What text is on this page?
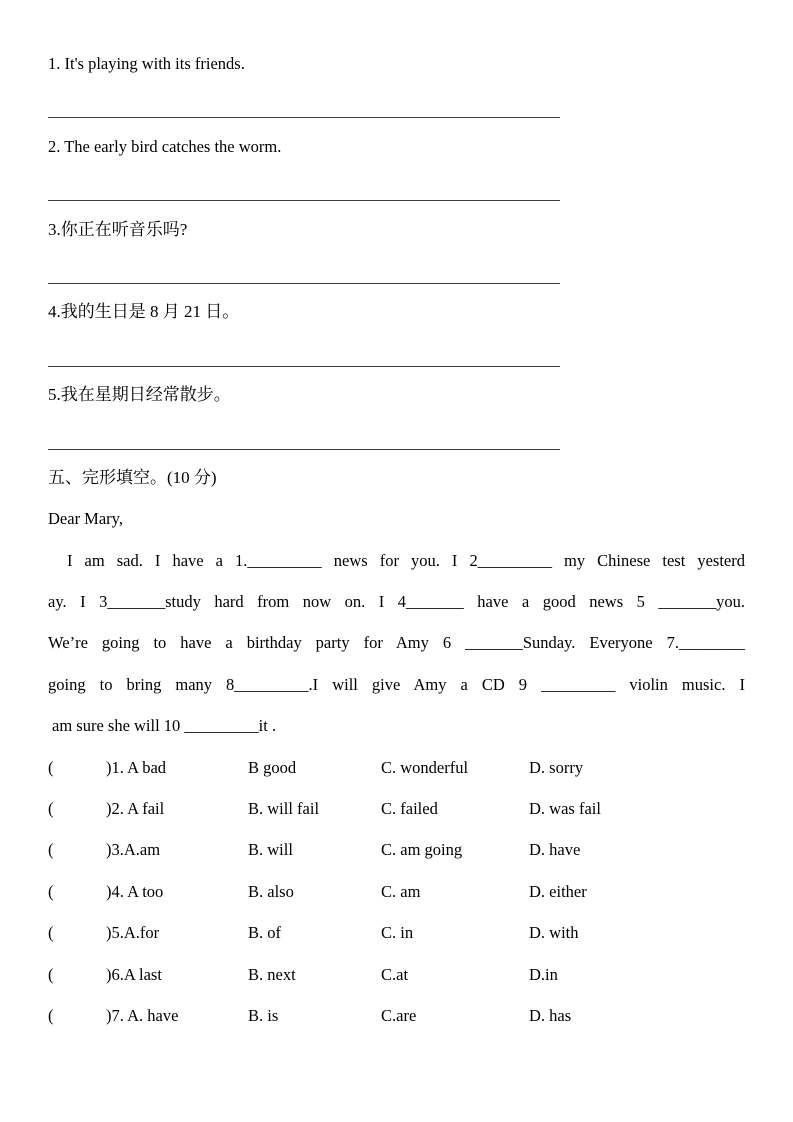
1. It's playing with its friends.
2. The early bird catches the worm.
3.你正在听音乐吗?
4.我的生日是 8 月 21 日。
5.我在星期日经常散步。
五、完形填空。(10 分)
Dear Mary,
I am sad. I have a 1._________ news for you. I 2_________ my Chinese test yesterd
ay. I 3_______study hard from now on. I 4_______ have a good news 5 _______you.
We’re going to have a birthday party for Amy 6 _______Sunday. Everyone 7.________
going to bring many 8_________.I will give Amy a CD 9 _________ violin music. I
am sure she will 10 _________it .
(	)1. A bad	B good	C. wonderful	D. sorry
(	)2. A fail	B. will fail	C. failed	D. was fail
(	)3.A.am	B. will	C. am going	D. have
(	)4. A too	B. also	C. am	D. either
(	)5.A.for	B. of	C. in	D. with
(	)6.A last	B. next	C.at	D.in
(	)7. A. have	B. is	C.are	D. has
